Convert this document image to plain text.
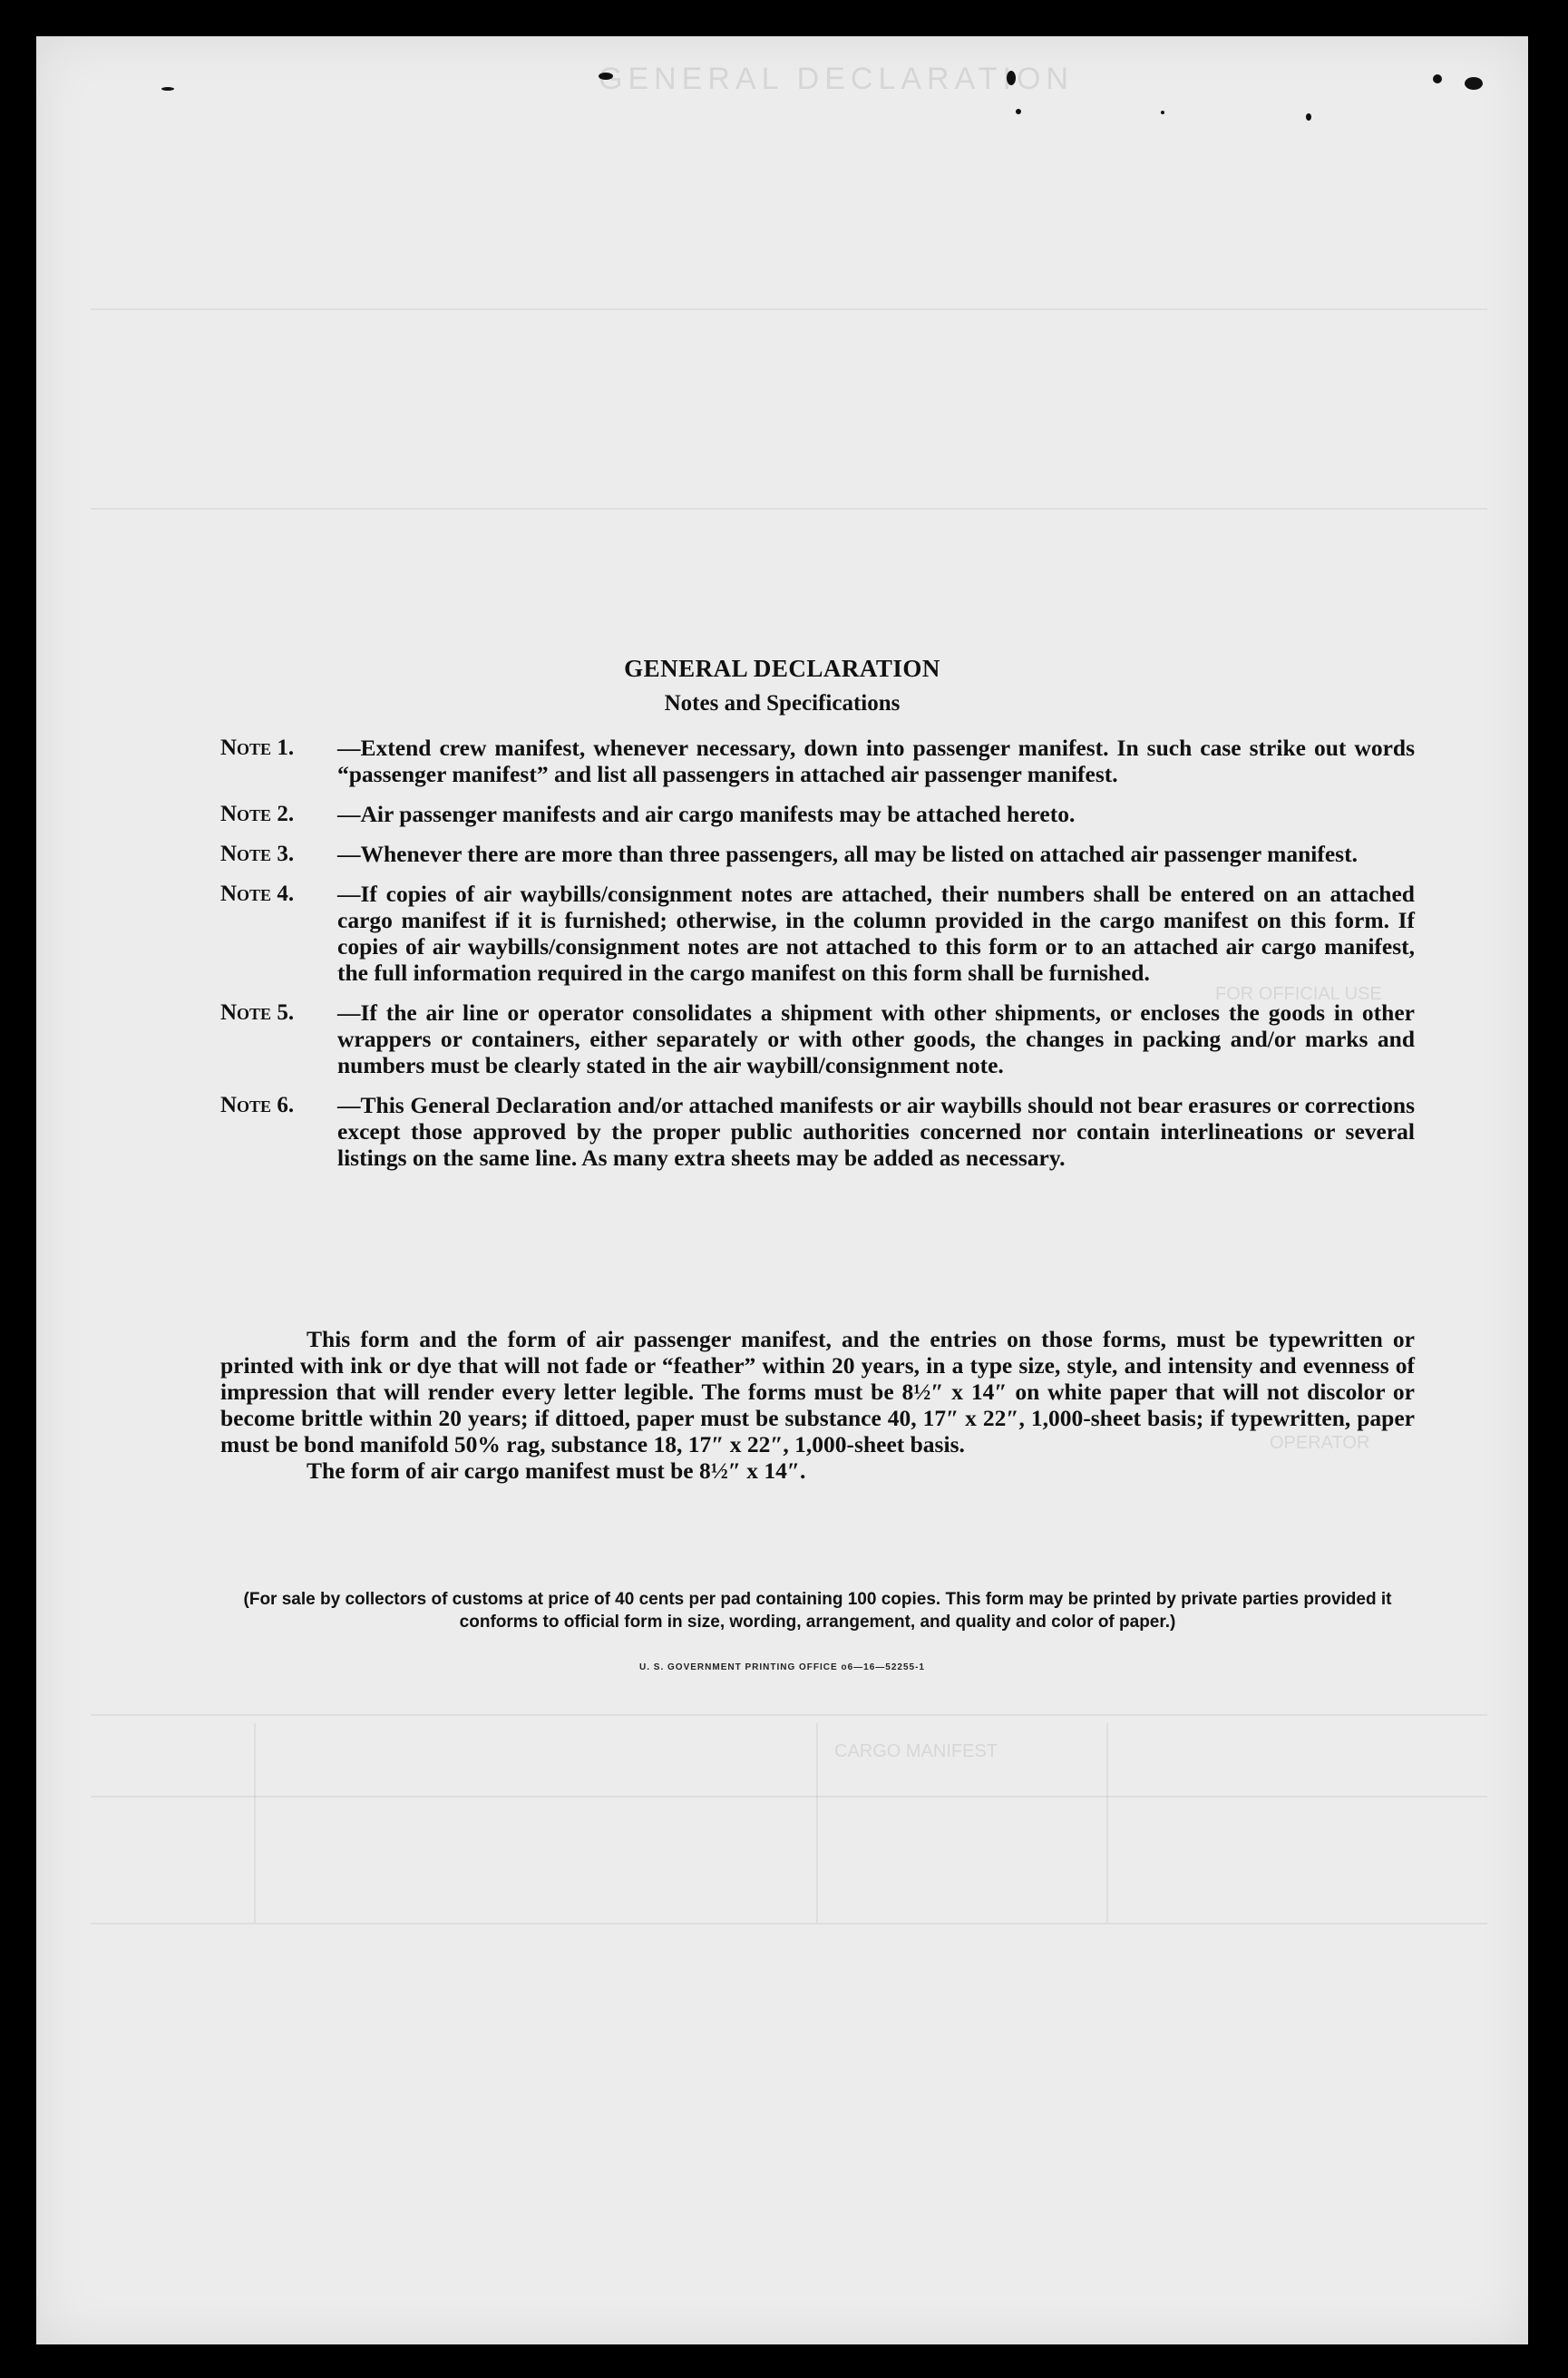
GENERAL DECLARATION
FOR OFFICIAL USE
OPERATOR
CARGO MANIFEST
GENERAL DECLARATION
Notes and Specifications
Note 1. —Extend crew manifest, whenever necessary, down into passenger manifest. In such case strike out words “passenger manifest” and list all passengers in attached air passenger manifest.
Note 2. —Air passenger manifests and air cargo manifests may be attached hereto.
Note 3. —Whenever there are more than three passengers, all may be listed on attached air passenger manifest.
Note 4. —If copies of air waybills/consignment notes are attached, their numbers shall be entered on an attached cargo manifest if it is furnished; otherwise, in the column provided in the cargo manifest on this form. If copies of air waybills/consignment notes are not attached to this form or to an attached air cargo manifest, the full information required in the cargo manifest on this form shall be furnished.
Note 5. —If the air line or operator consolidates a shipment with other shipments, or encloses the goods in other wrappers or containers, either separately or with other goods, the changes in packing and/or marks and numbers must be clearly stated in the air waybill/consignment note.
Note 6. —This General Declaration and/or attached manifests or air waybills should not bear erasures or corrections except those approved by the proper public authorities concerned nor contain interlineations or several listings on the same line. As many extra sheets may be added as necessary.

This form and the form of air passenger manifest, and the entries on those forms, must be typewritten or printed with ink or dye that will not fade or “feather” within 20 years, in a type size, style, and intensity and evenness of impression that will render every letter legible. The forms must be 8½″ x 14″ on white paper that will not discolor or become brittle within 20 years; if dittoed, paper must be substance 40, 17″ x 22″, 1,000-sheet basis; if typewritten, paper must be bond manifold 50% rag, substance 18, 17″ x 22″, 1,000-sheet basis.

The form of air cargo manifest must be 8½″ x 14″.

(For sale by collectors of customs at price of 40 cents per pad containing 100 copies. This form may be printed by private parties provided it conforms to official form in size, wording, arrangement, and quality and color of paper.)
U. S. GOVERNMENT PRINTING OFFICE o6—16—52255-1
